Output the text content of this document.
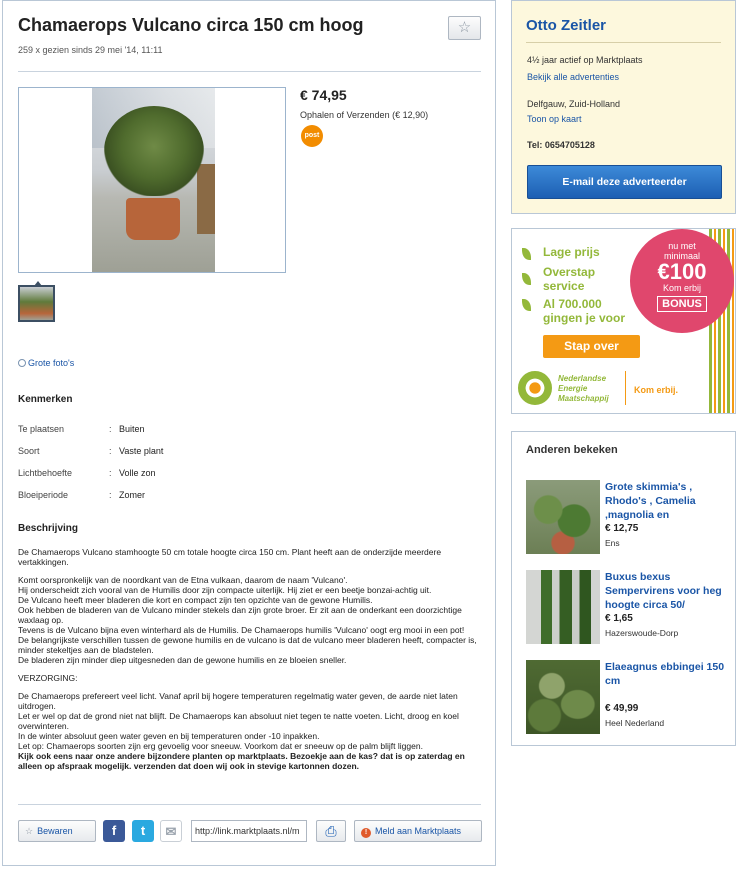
Chamaerops Vulcano circa 150 cm hoog	☆
259 x gezien sinds 29 mei '14, 11:11
€ 74,95
Ophalen of Verzenden (€ 12,90)
post
Grote foto's
Kenmerken
Te plaatsen	: Buiten
Soort	: Vaste plant
Lichtbehoefte	: Volle zon
Bloeiperiode	: Zomer
Beschrijving

De Chamaerops Vulcano stamhoogte 50 cm totale hoogte circa 150 cm. Plant heeft aan de onderzijde meerdere vertakkingen.

Komt oorspronkelijk van de noordkant van de Etna vulkaan, daarom de naam 'Vulcano'.

Hij onderscheidt zich vooral van de Humilis door zijn compacte uiterlijk. Hij ziet er een beetje bonzai-achtig uit.

De Vulcano heeft meer bladeren die kort en compact zijn ten opzichte van de gewone Humilis.

Ook hebben de bladeren van de Vulcano minder stekels dan zijn grote broer. Er zit aan de onderkant een doorzichtige waxlaag op.

Tevens is de Vulcano bijna even winterhard als de Humilis. De Chamaerops humilis 'Vulcano' oogt erg mooi in een pot!

De belangrijkste verschillen tussen de gewone humilis en de vulcano is dat de vulcano meer bladeren heeft, compacter is, minder stekeltjes aan de bladstelen.

De bladeren zijn minder diep uitgesneden dan de gewone humilis en ze bloeien sneller.

VERZORGING:

De Chamaerops prefereert veel licht. Vanaf april bij hogere temperaturen regelmatig water geven, de aarde niet laten uitdrogen.

Let er wel op dat de grond niet nat blijft. De Chamaerops kan absoluut niet tegen te natte voeten. Licht, droog en koel overwinteren.

In de winter absoluut geen water geven en bij temperaturen onder -10 inpakken.

Let op: Chamaerops soorten zijn erg gevoelig voor sneeuw. Voorkom dat er sneeuw op de palm blijft liggen.

Kijk ook eens naar onze andere bijzondere planten op marktplaats. Bezoekje aan de kas? dat is op zaterdag en alleen op afspraak mogelijk. verzenden dat doen wij ook in stevige kartonnen dozen.

☆ Bewaren	f	t	✉	http://link.marktplaats.nl/m	⎙	! Meld aan Marktplaats
Otto Zeitler
4½ jaar actief op Marktplaats
Bekijk alle advertenties
Delfgauw, Zuid-Holland
Toon op kaart
Tel: 0654705128
E-mail deze adverteerder
Lage prijs
Overstap
service
Al 700.000
gingen je voor
nu met
minimaal
€100
Kom erbij
BONUS
Stap over
Nederlandse
Energie
Maatschappij
Kom erbij.
Anderen bekeken
Grote skimmia's , Rhodo's , Camelia ,magnolia en
€ 12,75
Ens
Buxus bexus Sempervirens voor heg hoogte circa 50/
€ 1,65
Hazerswoude-Dorp
Elaeagnus ebbingei 150 cm
€ 49,99
Heel Nederland
